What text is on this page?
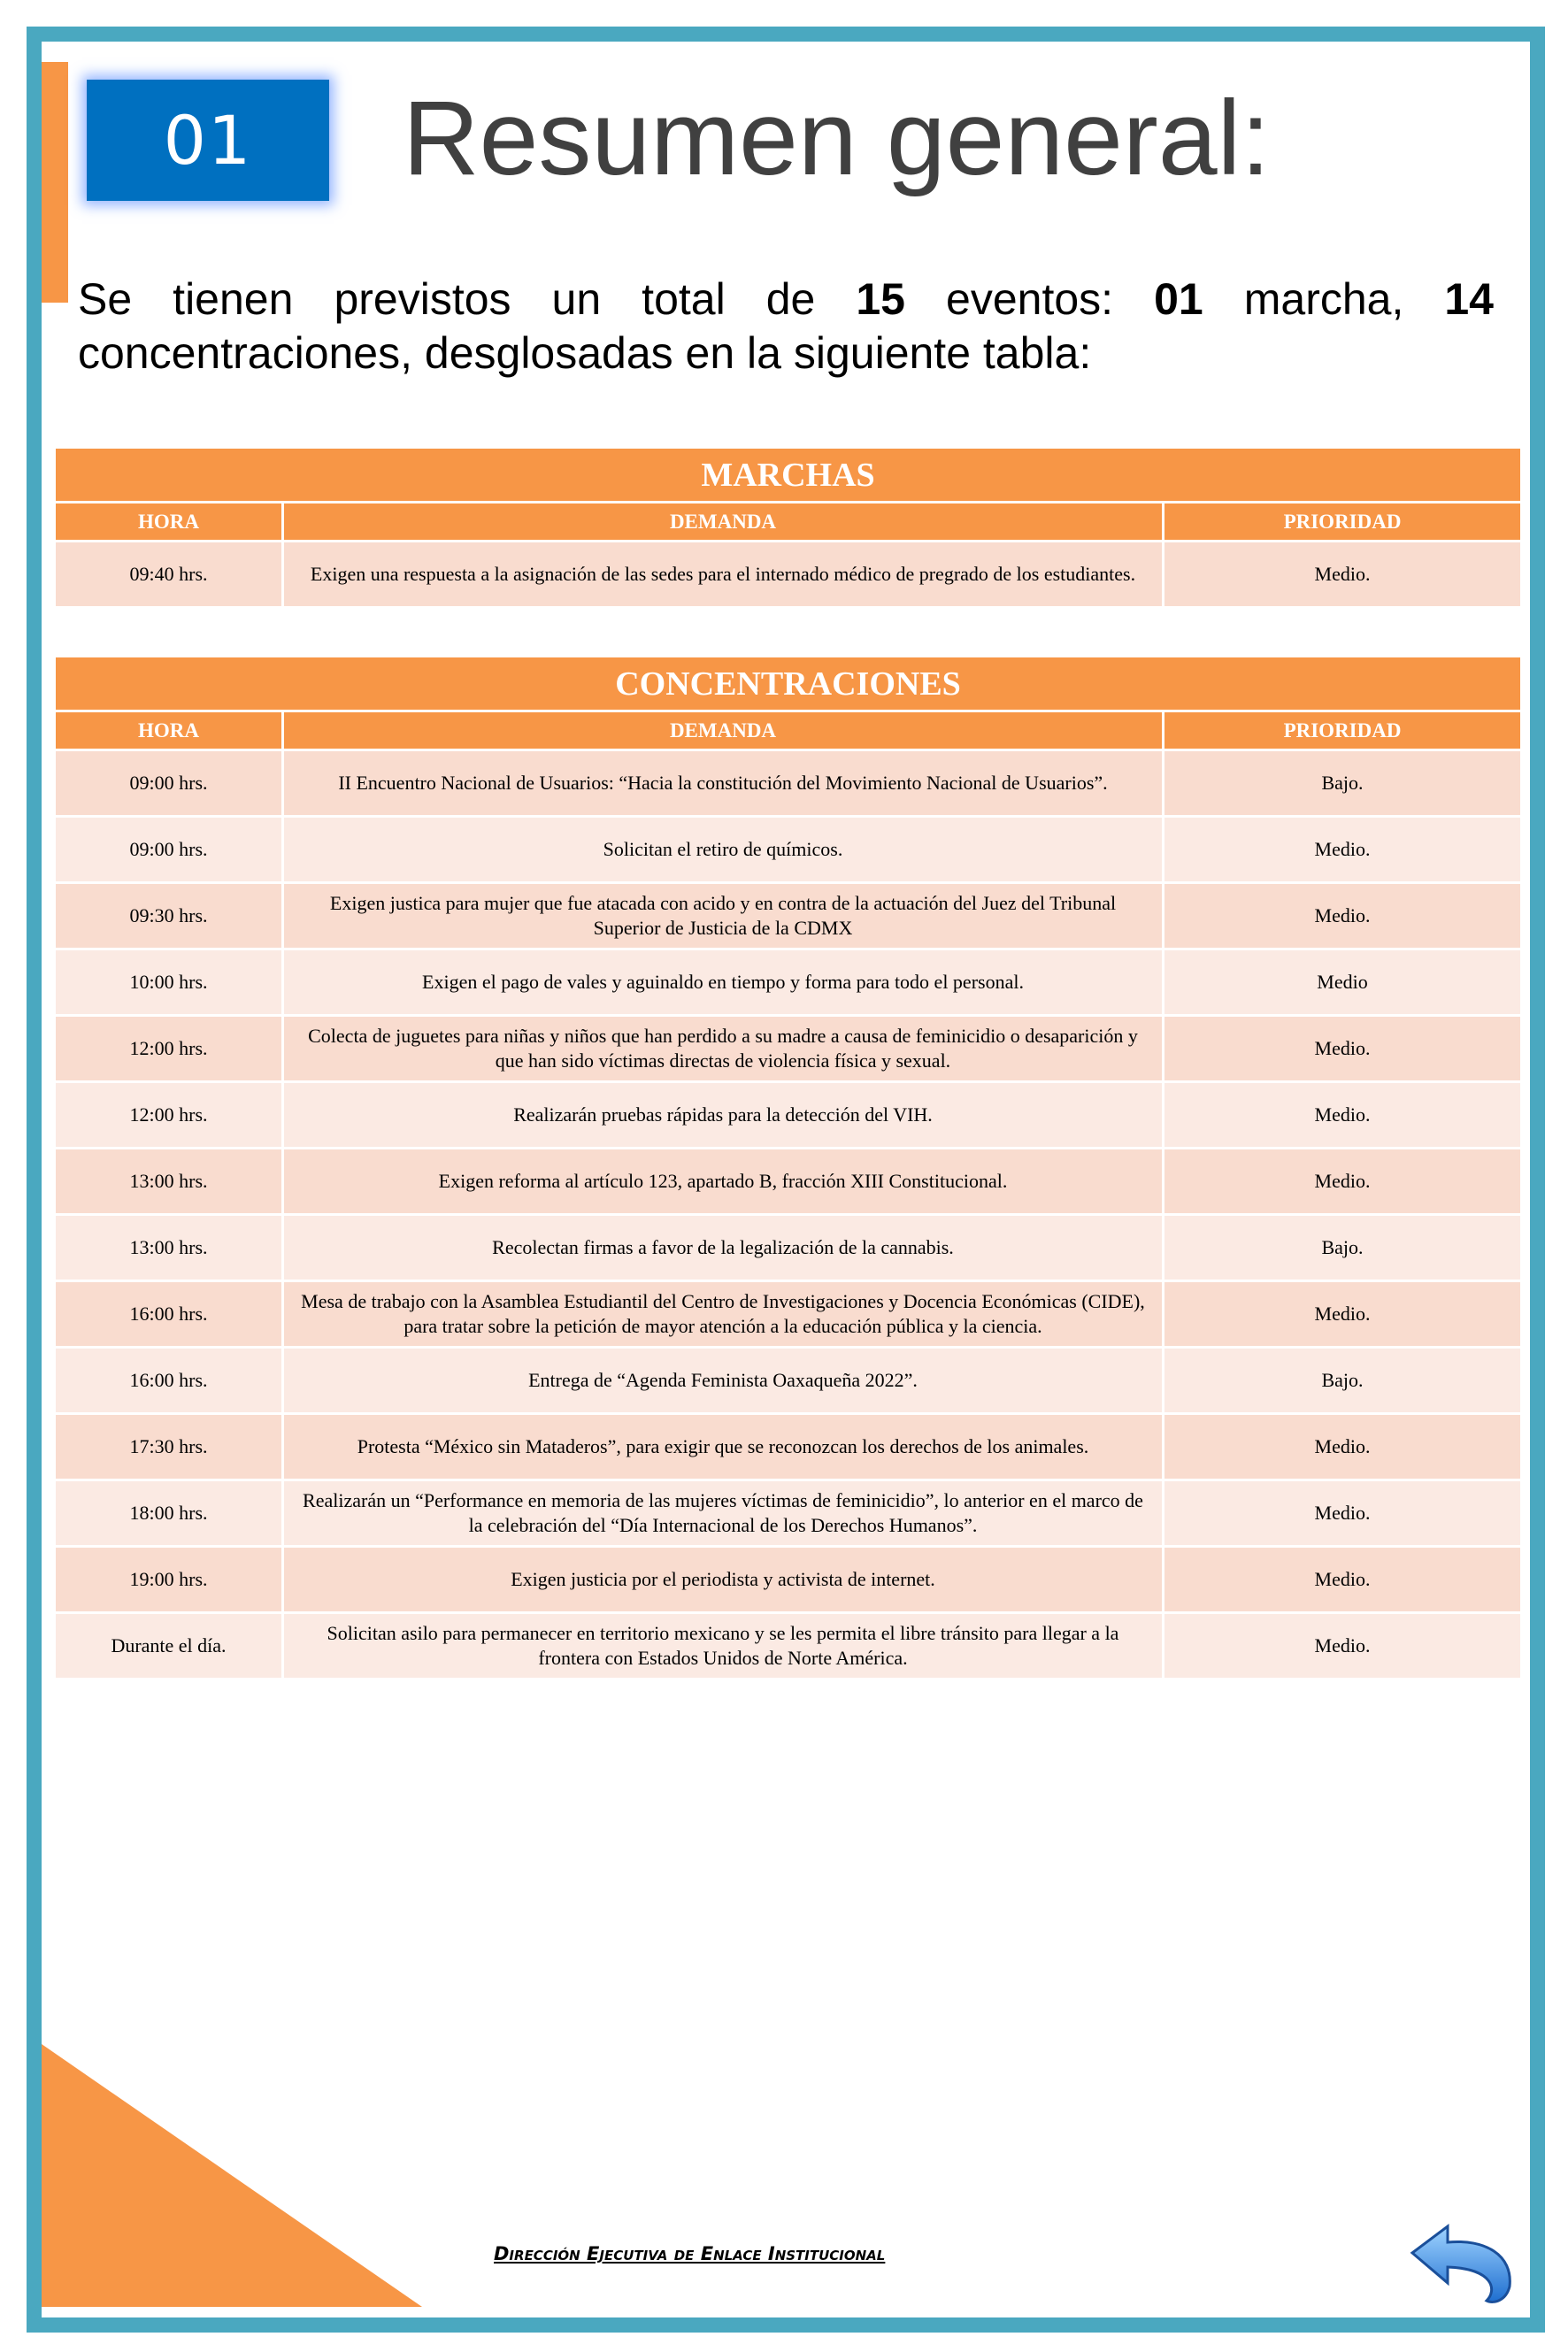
01 Resumen general:

Se tienen previstos un total de 15 eventos: 01 marcha, 14 concentraciones, desglosadas en la siguiente tabla:

MARCHAS		
HORA	DEMANDA	PRIORIDAD
09:40 hrs.	Exigen una respuesta a la asignación de las sedes para el internado médico de pregrado de los estudiantes.	Medio.
CONCENTRACIONES		
HORA	DEMANDA	PRIORIDAD
09:00 hrs.	II Encuentro Nacional de Usuarios: “Hacia la constitución del Movimiento Nacional de Usuarios”.	Bajo.
09:00 hrs.	Solicitan el retiro de químicos.	Medio.
09:30 hrs.	Exigen justica para mujer que fue atacada con acido y en contra de la actuación del Juez del Tribunal Superior de Justicia de la CDMX	Medio.
10:00 hrs.	Exigen el pago de vales y aguinaldo en tiempo y forma para todo el personal.	Medio
12:00 hrs.	Colecta de juguetes para niñas y niños que han perdido a su madre a causa de feminicidio o desaparición y que han sido víctimas directas de violencia física y sexual.	Medio.
12:00 hrs.	Realizarán pruebas rápidas para la detección del VIH.	Medio.
13:00 hrs.	Exigen reforma al artículo 123, apartado B, fracción XIII Constitucional.	Medio.
13:00 hrs.	Recolectan firmas a favor de la legalización de la cannabis.	Bajo.
16:00 hrs.	Mesa de trabajo con la Asamblea Estudiantil del Centro de Investigaciones y Docencia Económicas (CIDE), para tratar sobre la petición de mayor atención a la educación pública y la ciencia.	Medio.
16:00 hrs.	Entrega de “Agenda Feminista Oaxaqueña 2022”.	Bajo.
17:30 hrs.	Protesta “México sin Mataderos”, para exigir que se reconozcan los derechos de los animales.	Medio.
18:00 hrs.	Realizarán un “Performance en memoria de las mujeres víctimas de feminicidio”, lo anterior en el marco de la celebración del “Día Internacional de los Derechos Humanos”.	Medio.
19:00 hrs.	Exigen justicia por el periodista y activista de internet.	Medio.
Durante el día.	Solicitan asilo para permanecer en territorio mexicano y se les permita el libre tránsito para llegar a la frontera con Estados Unidos de Norte América.	Medio.
Dirección Ejecutiva de Enlace Institucional
